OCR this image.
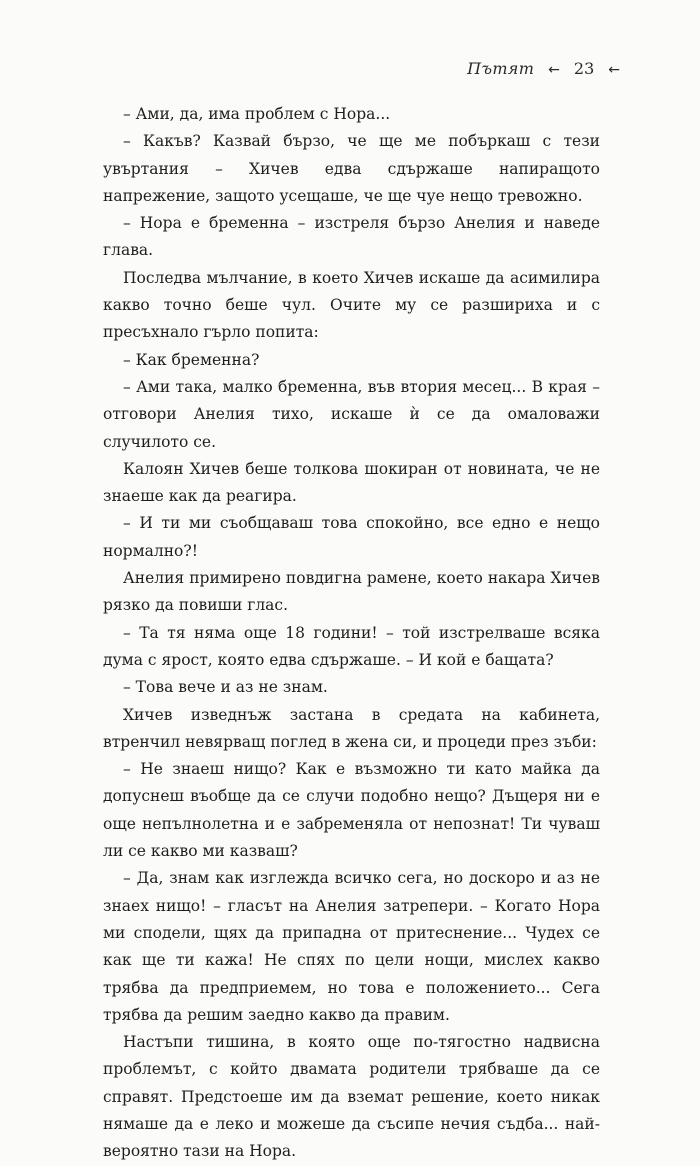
Пътят ← 23 ←

– Ами, да, има проблем с Нора...

– Какъв? Казвай бързо, че ще ме побъркаш с тези увъртания – Хичев едва сдържаше напиращото напрежение, защото усещаше, че ще чуе нещо тревожно.

– Нора е бременна – изстреля бързо Анелия и наведе глава.

Последва мълчание, в което Хичев искаше да асимилира какво точно беше чул. Очите му се разшириха и с пресъхнало гърло попита:

– Как бременна?

– Ами така, малко бременна, във втория месец... В края – отговори Анелия тихо, искаше ѝ се да омаловажи случилото се.

Калоян Хичев беше толкова шокиран от новината, че не знаеше как да реагира.

– И ти ми съобщаваш това спокойно, все едно е нещо нормално?!

Анелия примирено повдигна рамене, което накара Хичев рязко да повиши глас.

– Та тя няма още 18 години! – той изстрелваше всяка дума с ярост, която едва сдържаше. – И кой е бащата?

– Това вече и аз не знам.

Хичев изведнъж застана в средата на кабинета, втренчил невярващ поглед в жена си, и процеди през зъби:

– Не знаеш нищо? Как е възможно ти като майка да допуснеш въобще да се случи подобно нещо? Дъщеря ни е още непълнолетна и е забременяла от непознат! Ти чуваш ли се какво ми казваш?

– Да, знам как изглежда всичко сега, но доскоро и аз не знаех нищо! – гласът на Анелия затрепери. – Когато Нора ми сподели, щях да припадна от притеснение... Чудех се как ще ти кажа! Не спях по цели нощи, мислех какво трябва да предприемем, но това е положението... Сега трябва да решим заедно какво да правим.

Настъпи тишина, в която още по-тягостно надвисна проблемът, с който двамата родители трябваше да се справят. Предстоеше им да вземат решение, което никак нямаше да е леко и можеше да съсипе нечия съдба... най-вероятно тази на Нора.
